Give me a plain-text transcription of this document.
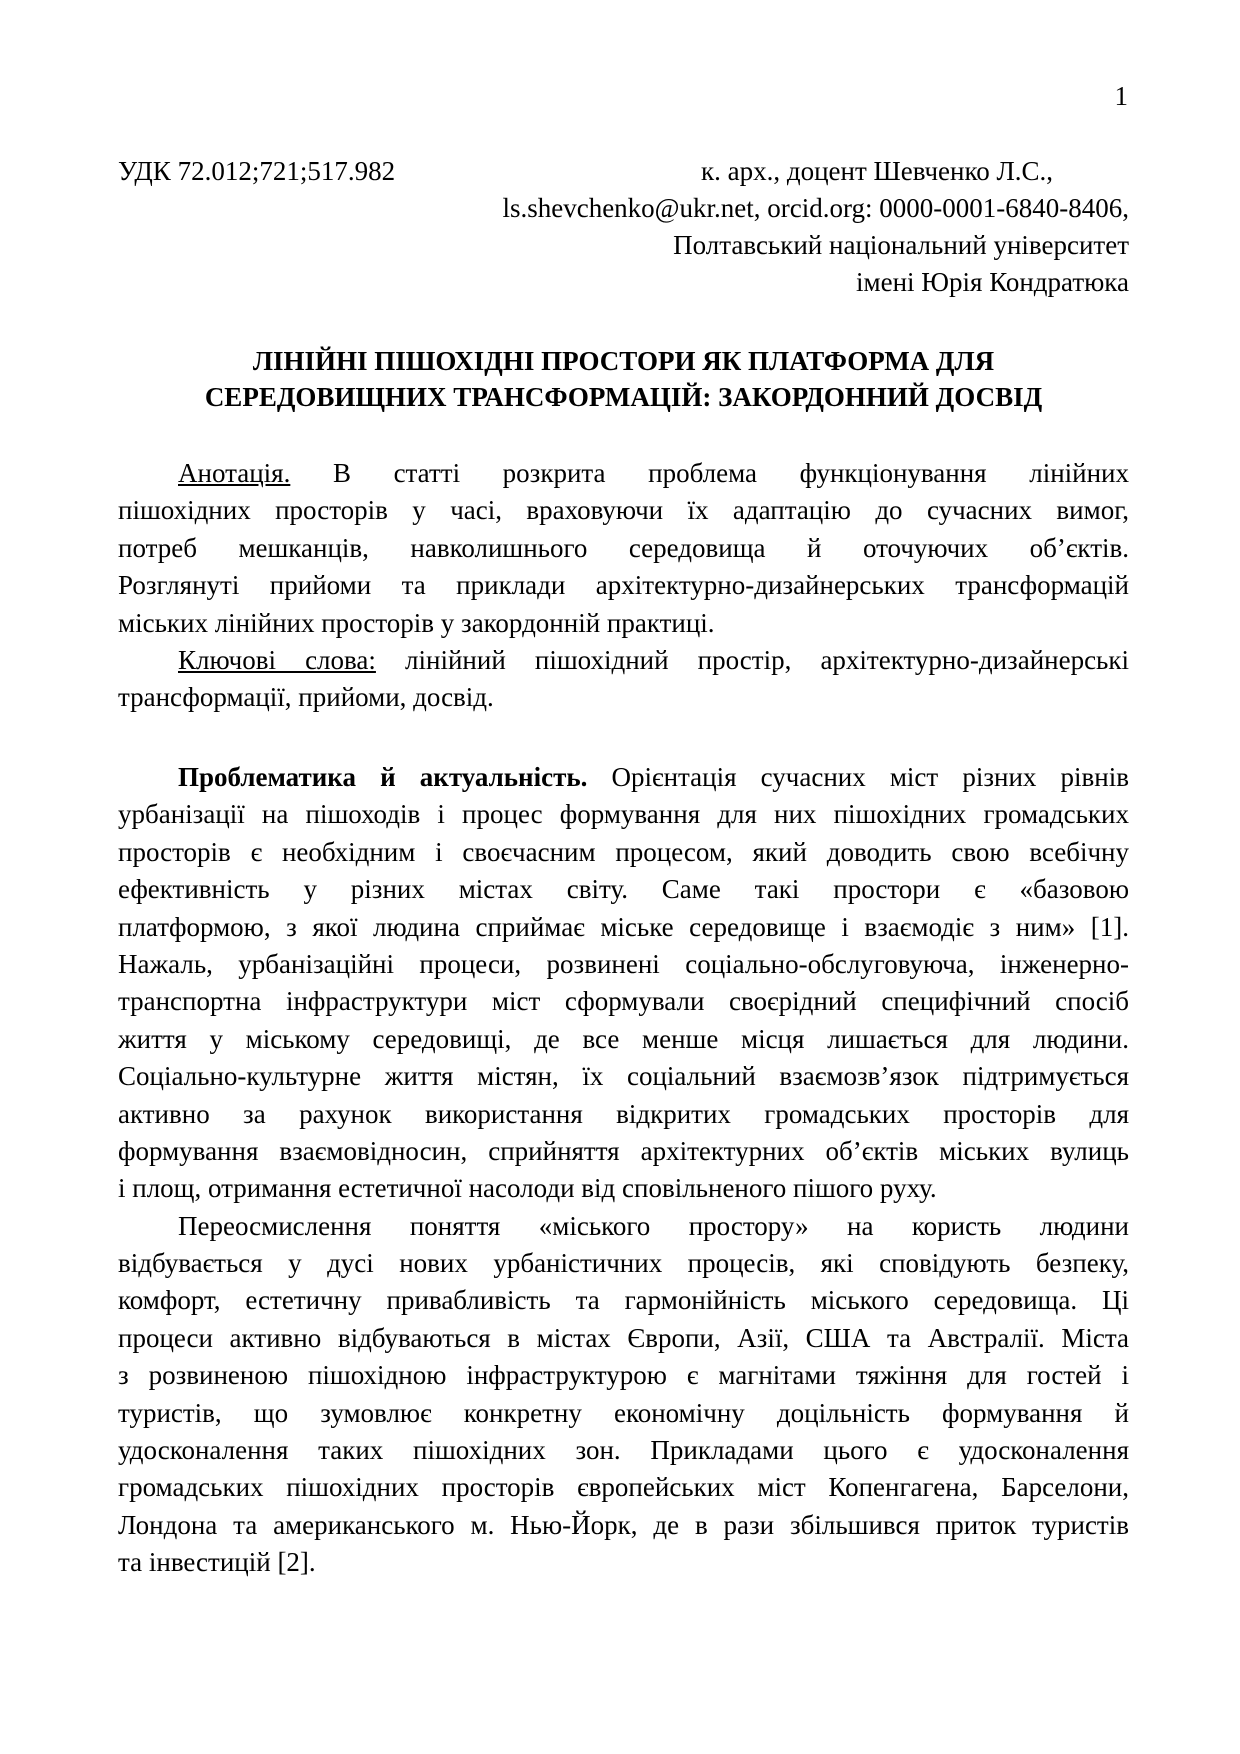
1
УДК 72.012;721;517.982	к. арх., доцент Шевченко Л.С.,
ls.shevchenko@ukr.net, orcid.org: 0000-0001-6840-8406,
Полтавський національний університет
імені Юрія Кондратюка
ЛІНІЙНІ ПІШОХІДНІ ПРОСТОРИ ЯК ПЛАТФОРМА ДЛЯ
СЕРЕДОВИЩНИХ ТРАНСФОРМАЦІЙ: ЗАКОРДОННИЙ ДОСВІД
Анотація. В статті розкрита проблема функціонування лінійних
пішохідних просторів у часі, враховуючи їх адаптацію до сучасних вимог,
потреб мешканців, навколишнього середовища й оточуючих об’єктів.
Розглянуті прийоми та приклади архітектурно-дизайнерських трансформацій
міських лінійних просторів у закордонній практиці.
Ключові слова: лінійний пішохідний простір, архітектурно-дизайнерські
трансформації, прийоми, досвід.
Проблематика й актуальність. Орієнтація сучасних міст різних рівнів
урбанізації на пішоходів і процес формування для них пішохідних громадських
просторів є необхідним і своєчасним процесом, який доводить свою всебічну
ефективність у різних містах світу. Саме такі простори є «базовою
платформою, з якої людина сприймає міське середовище і взаємодіє з ним» [1].
Нажаль, урбанізаційні процеси, розвинені соціально-обслуговуюча, інженерно-
транспортна інфраструктури міст сформували своєрідний специфічний спосіб
життя у міському середовищі, де все менше місця лишається для людини.
Соціально-культурне життя містян, їх соціальний взаємозв’язок підтримується
активно за рахунок використання відкритих громадських просторів для
формування взаємовідносин, сприйняття архітектурних об’єктів міських вулиць
і площ, отримання естетичної насолоди від сповільненого пішого руху.
Переосмислення поняття «міського простору» на користь людини
відбувається у дусі нових урбаністичних процесів, які сповідують безпеку,
комфорт, естетичну привабливість та гармонійність міського середовища. Ці
процеси активно відбуваються в містах Європи, Азії, США та Австралії. Міста
з розвиненою пішохідною інфраструктурою є магнітами тяжіння для гостей і
туристів, що зумовлює конкретну економічну доцільність формування й
удосконалення таких пішохідних зон. Прикладами цього є удосконалення
громадських пішохідних просторів європейських міст Копенгагена, Барселони,
Лондона та американського м. Нью-Йорк, де в рази збільшився приток туристів
та інвестицій [2].
